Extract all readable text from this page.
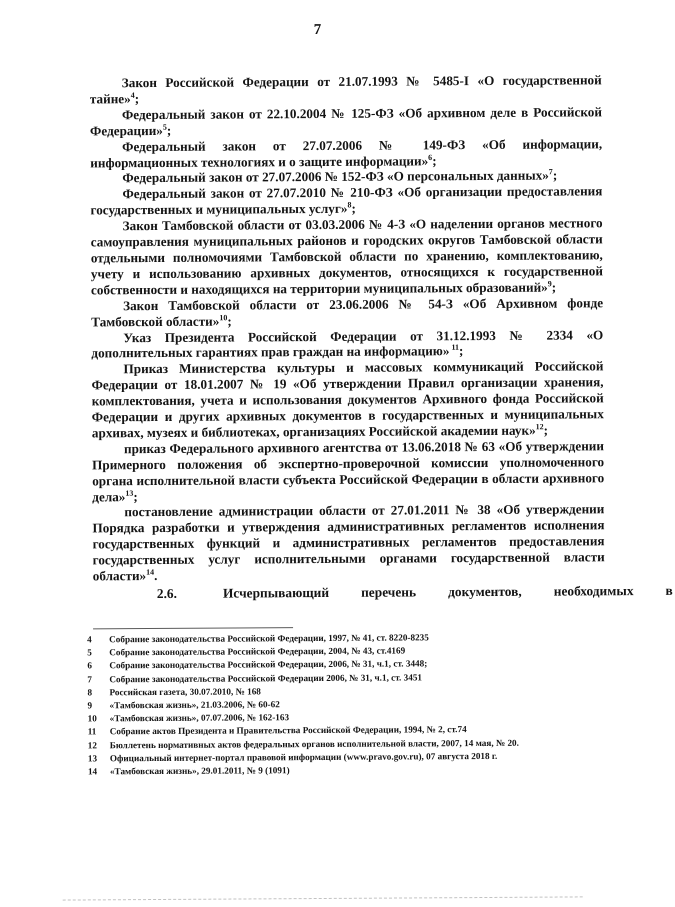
7

Закон Российской Федерации от 21.07.1993 № 5485-I «О государственной тайне»$^4$;

Федеральный закон от 22.10.2004 № 125-ФЗ «Об архивном деле в Российской Федерации»$^5$;

Федеральный закон от 27.07.2006 № 149-ФЗ «Об информации, информационных технологиях и о защите информации»$^6$;

Федеральный закон от 27.07.2006 № 152-ФЗ «О персональных данных»$^7$;

Федеральный закон от 27.07.2010 № 210-ФЗ «Об организации предоставления государственных и муниципальных услуг»$^8$;

Закон Тамбовской области от 03.03.2006 № 4-З «О наделении органов местного самоуправления муниципальных районов и городских округов Тамбовской области отдельными полномочиями Тамбовской области по хранению, комплектованию, учету и использованию архивных документов, относящихся к государственной собственности и находящихся на территории муниципальных образований»$^9$;

Закон Тамбовской области от 23.06.2006 № 54-З «Об Архивном фонде Тамбовской области»$^{10}$;

Указ Президента Российской Федерации от 31.12.1993 № 2334 «О дополнительных гарантиях прав граждан на информацию» $^{11}$;

Приказ Министерства культуры и массовых коммуникаций Российской Федерации от 18.01.2007 № 19 «Об утверждении Правил организации хранения, комплектования, учета и использования документов Архивного фонда Российской Федерации и других архивных документов в государственных и муниципальных архивах, музеях и библиотеках, организациях Российской академии наук»$^{12}$;

приказ Федерального архивного агентства от 13.06.2018 № 63 «Об утверждении Примерного положения об экспертно-проверочной комиссии уполномоченного органа исполнительной власти субъекта Российской Федерации в области архивного дела»$^{13}$;

постановление администрации области от 27.01.2011 № 38 «Об утверждении Порядка разработки и утверждения административных регламентов исполнения государственных функций и административных регламентов предоставления государственных услуг исполнительными органами государственной власти области»$^{14}$.

2.6.	Исчерпывающий	перечень	документов,	необходимых	в
4	Собрание законодательства Российской Федерации, 1997, № 41, ст. 8220-8235
5	Собрание законодательства Российской Федерации, 2004, № 43, ст.4169
6	Собрание законодательства Российской Федерации, 2006, № 31, ч.1, ст. 3448;
7	Собрание законодательства Российской Федерации 2006, № 31, ч.1, ст. 3451
8	Российская газета, 30.07.2010, № 168
9	«Тамбовская жизнь», 21.03.2006, № 60-62
10	«Тамбовская жизнь», 07.07.2006, № 162-163
11	Собрание актов Президента и Правительства Российской Федерации, 1994, № 2, ст.74
12	Бюллетень нормативных актов федеральных органов исполнительной власти, 2007, 14 мая, № 20.
13	Официальный интернет-портал правовой информации (www.pravo.gov.ru), 07 августа 2018 г.
14	«Тамбовская жизнь», 29.01.2011, № 9 (1091)
